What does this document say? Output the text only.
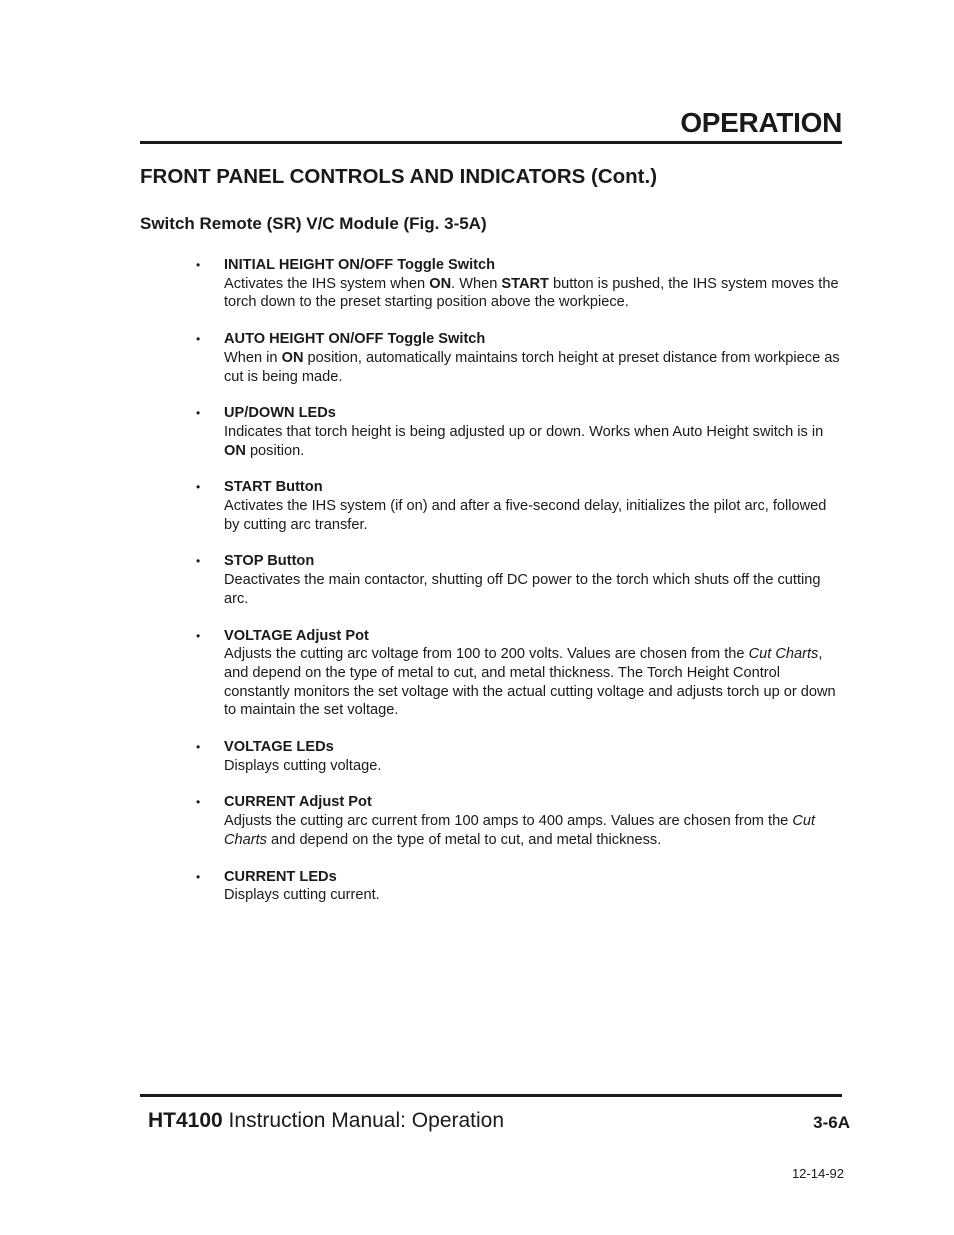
OPERATION
FRONT PANEL CONTROLS AND INDICATORS (Cont.)
Switch Remote (SR) V/C Module (Fig. 3-5A)
• INITIAL HEIGHT ON/OFF Toggle Switch
Activates the IHS system when ON. When START button is pushed, the IHS system moves the torch down to the preset starting position above the workpiece.
• AUTO HEIGHT ON/OFF Toggle Switch
When in ON position, automatically maintains torch height at preset distance from workpiece as cut is being made.
• UP/DOWN LEDs
Indicates that torch height is being adjusted up or down. Works when Auto Height switch is in ON position.
• START Button
Activates the IHS system (if on) and after a five-second delay, initializes the pilot arc, followed by cutting arc transfer.
• STOP Button
Deactivates the main contactor, shutting off DC power to the torch which shuts off the cutting arc.
• VOLTAGE Adjust Pot
Adjusts the cutting arc voltage from 100 to 200 volts. Values are chosen from the Cut Charts, and depend on the type of metal to cut, and metal thickness. The Torch Height Control constantly monitors the set voltage with the actual cutting voltage and adjusts torch up or down to maintain the set voltage.
• VOLTAGE LEDs
Displays cutting voltage.
• CURRENT Adjust Pot
Adjusts the cutting arc current from 100 amps to 400 amps. Values are chosen from the Cut Charts and depend on the type of metal to cut, and metal thickness.
• CURRENT LEDs
Displays cutting current.

HT4100 Instruction Manual: Operation	3-6A
12-14-92
